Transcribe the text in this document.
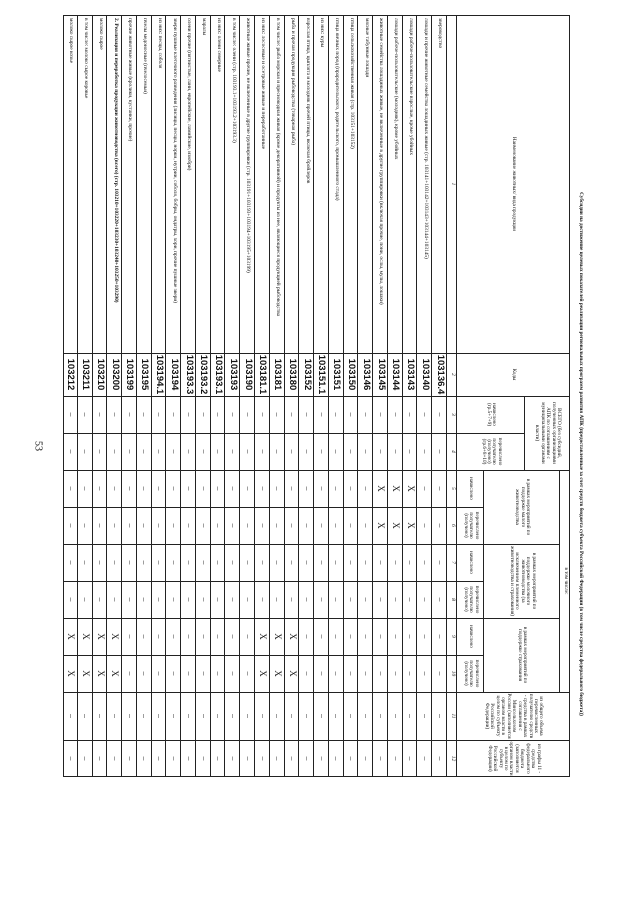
53	Субсидии на достижение целевых показателей реализации региональных программ развития АПК (предоставленные за счет средств бюджета субъекта Российской Федерации (в том числе средства федерального бюджета))
Наименование животных/ вида продукции
Коды
ВСЕГО (без субсидий, полученных организациями АПК по соглашениям с муниципальными органами власти)
начислено (гр.5+7+9)
перечислено получателю (получено) (гр.6+8+10)
в том числе:
в рамках мероприятий по поддержке малого животноводства
в рамках мероприятий по поддержке молочного животноводства (за исключением племенного животноводства и страхования)
в рамках мероприятий по поддержке страхования
начислено
перечислено получателю (получено)
начислено
перечислено получателю (получено)
начислено
перечислено получателю (получено)
из общего объема перечисленных получателю средств - средства в рамках соглашения с Минсельхозом России (заполняется органом власти в целом по субъекту Российской Федерации)
из графы 11 - средства федерального бюджета (заполняется органом власти в целом по субъекту Российской Федерации)
1
2
3
4
5
6
7
8
9
10
11
12
звероводство
103136.4
–
–
–
–
–
–
–
–
–
–
лошади и прочие животные семейства лошадиных живые (стр. 103141+103142+103143+103144+103145)
103140
–
–
–
–
–
–
–
–
–
–
лошади рабоче-пользовательские взрослые, кроме убойных
103143
–
–
X
X
–
–
–
–
–
–
лошади рабоче-пользовательские (молодняк), кроме убойных
103144
–
–
X
X
–
–
–
–
–
–
животные семейства лошадиных живые, не включенные в другие группировки (включая прочие, пони, ослы, мулы, лошаки)
103145
–
–
X
X
–
–
–
–
–
–
мясные табунные лошади
103146
–
–
–
–
–
–
–
–
–
–
птица сельскохозяйственная живая (стр. 103151+103152)
103150
–
–
–
–
–
–
–
–
–
–
птица яичных пород (прародительского, родительского, промышленного стада)
103151
–
–
–
–
–
–
–
–
–
–
из них: куры
103151.1
–
–
–
–
–
–
–
–
–
–
взрослая птица, цыплята и молодняк прочей птицы, включая бройлеров
103152
–
–
–
–
–
–
–
–
–
–
рыба и прочая продукция рыбоводства (товарная рыба)
103180
–
–
–
–
–
–
X
X
–
–
в том числе: рыба морская и пресноводная живая (кроме декоративной) и продукты из нее, являющиеся продукцией рыбоводства
103181
–
–
–
–
–
–
X
X
–
–
из них: лососевые и осетровые живые и переработанные
103181.1
–
–
–
–
–
–
X
X
–
–
животные живые прочие, не включенные в другие группировки (стр. 103191+103193+103194+103195+103199)
103190
–
–
–
–
–
–
–
–
–
–
в том числе: олени (стр. 103193.1+103193.2+103193.3)
103193
–
–
–
–
–
–
–
–
–
–
из них: олени северные
103193.1
–
–
–
–
–
–
–
–
–
–
маралы
103193.2
–
–
–
–
–
–
–
–
–
–
олени прочие (пятнистые, лани, европейские, ламийские, изюбри)
103193.3
–
–
–
–
–
–
–
–
–
–
звери пушные клеточного разведения (лисицы, песцы, норки, нутрии, соболя, бобры, ондатры, хори, прочие пушные звери)
103194
–
–
–
–
–
–
–
–
–
–
из них: песцы, соболя
103194.1
–
–
–
–
–
–
–
–
–
–
пчелы медоносные (пчелосемьи)
103195
–
–
–
–
–
–
–
–
–
–
прочие животные живые (кролики, кустанки, прочие)
103199
–
–
–
–
–
–
–
–
–
–
2. Реализация и переработка продукции животноводства (всего) (стр. 103210+103220+103230+103240+103250+103290)
103200
–
–
–
–
–
–
X
X
–
–
молоко сырое
103210
–
–
–
–
–
–
X
X
–
–
в том числе: молоко сырое коровье
103211
–
–
–
–
–
–
X
X
–
–
молоко сырое козье
103212
–
–
–
–
–
–
X
X
–
–
